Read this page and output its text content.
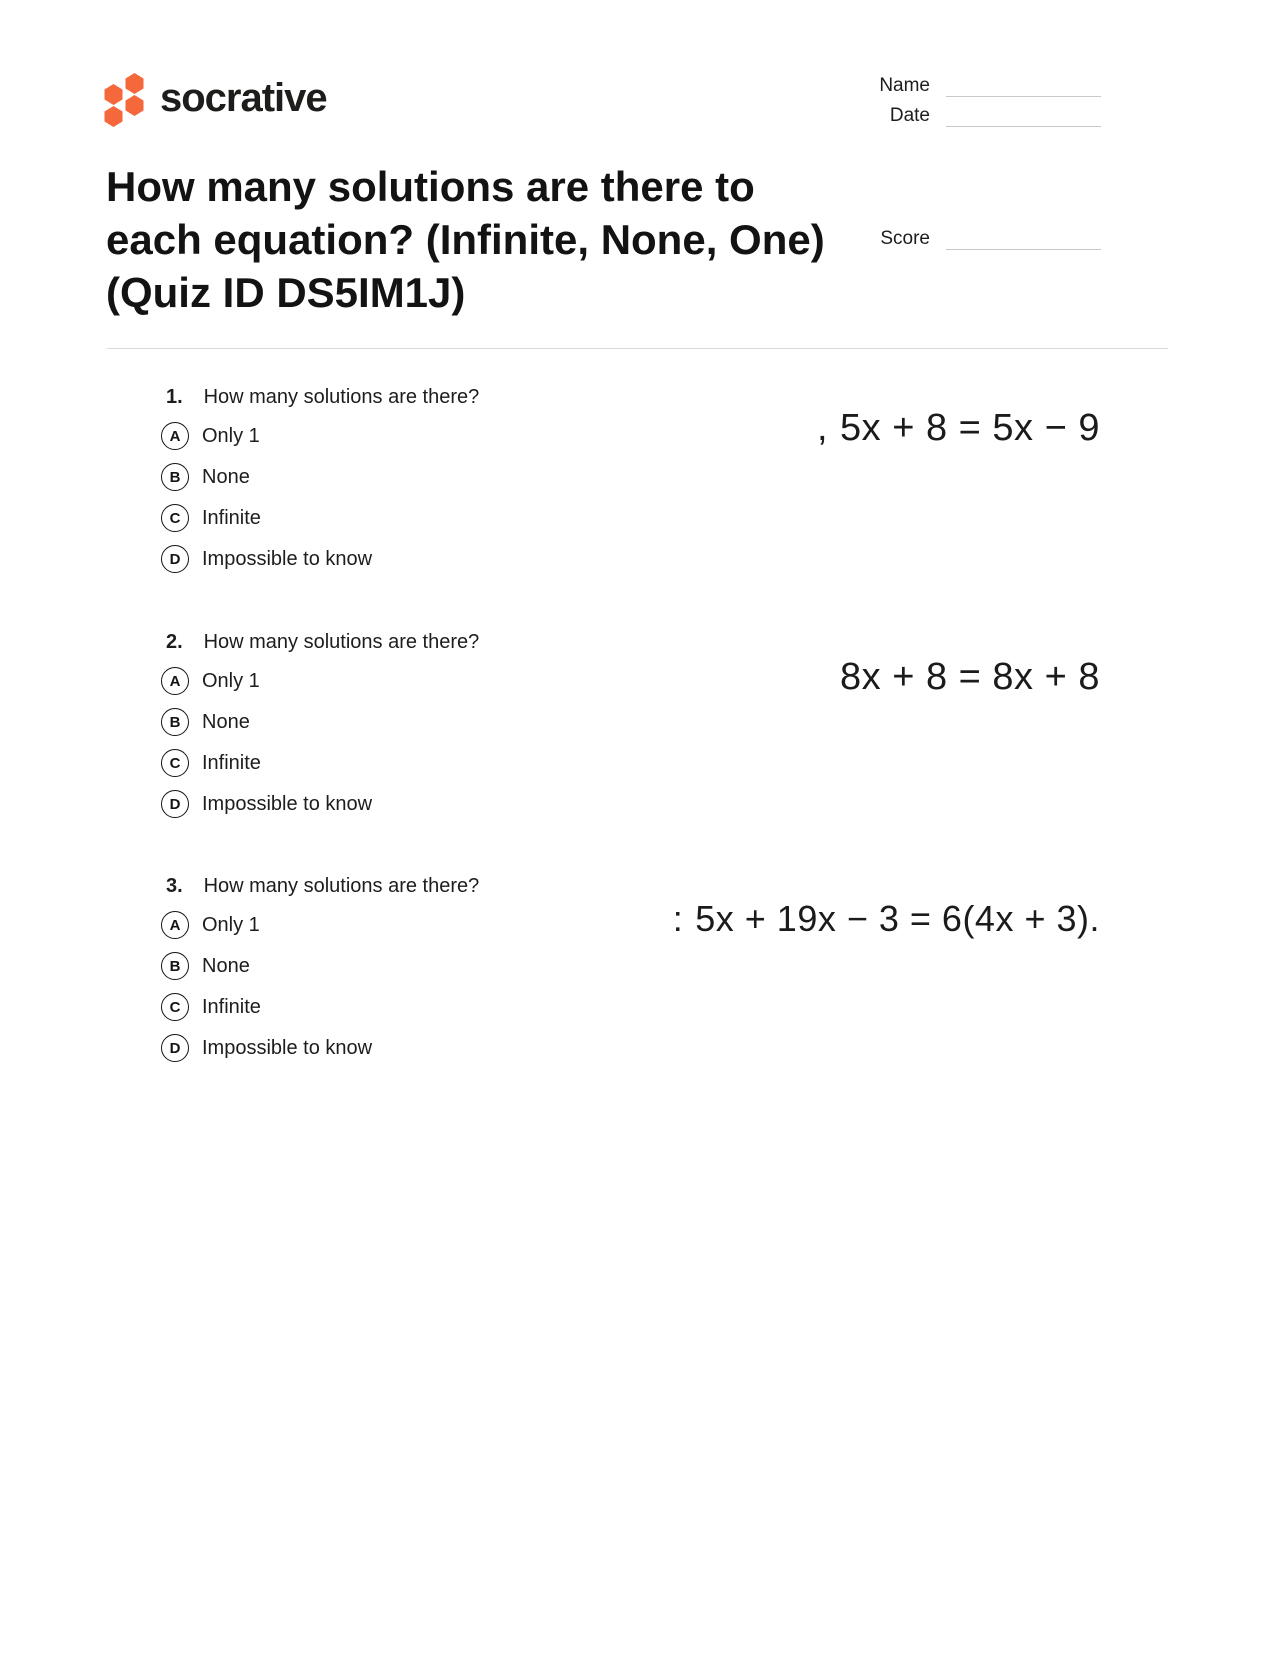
socrative	Name
Date
How many solutions are there to each equation? (Infinite, None, One) (Quiz ID DS5IM1J)
Score
1. How many solutions are there?
, 5x + 8 = 5x − 9
A	Only 1
B	None
C	Infinite
D	Impossible to know
2. How many solutions are there?
8x + 8 = 8x + 8
A	Only 1
B	None
C	Infinite
D	Impossible to know
3. How many solutions are there?
: 5x + 19x − 3 = 6(4x + 3).
A	Only 1
B	None
C	Infinite
D	Impossible to know
